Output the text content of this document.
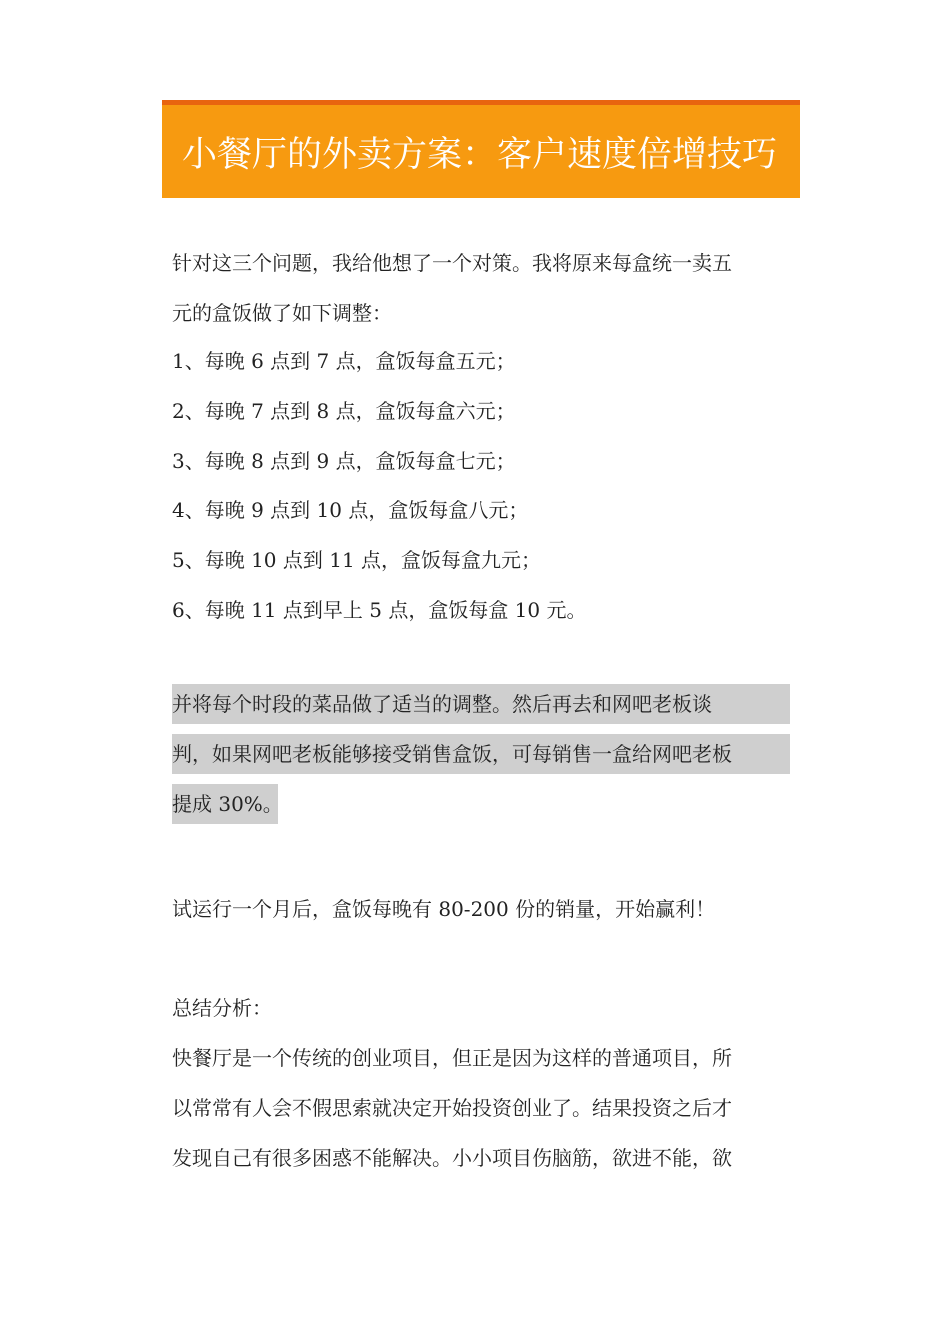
小餐厅的外卖方案：客户速度倍增技巧
针对这三个问题，我给他想了一个对策。我将原来每盒统一卖五
元的盒饭做了如下调整：
1、每晚 6 点到 7 点，盒饭每盒五元；
2、每晚 7 点到 8 点，盒饭每盒六元；
3、每晚 8 点到 9 点，盒饭每盒七元；
4、每晚 9 点到 10 点，盒饭每盒八元；
5、每晚 10 点到 11 点，盒饭每盒九元；
6、每晚 11 点到早上 5 点，盒饭每盒 10 元。
并将每个时段的菜品做了适当的调整。然后再去和网吧老板谈
判，如果网吧老板能够接受销售盒饭，可每销售一盒给网吧老板
提成 30%。
试运行一个月后，盒饭每晚有 80-200 份的销量，开始赢利！
总结分析：
快餐厅是一个传统的创业项目，但正是因为这样的普通项目，所
以常常有人会不假思索就决定开始投资创业了。结果投资之后才
发现自己有很多困惑不能解决。小小项目伤脑筋，欲进不能，欲
